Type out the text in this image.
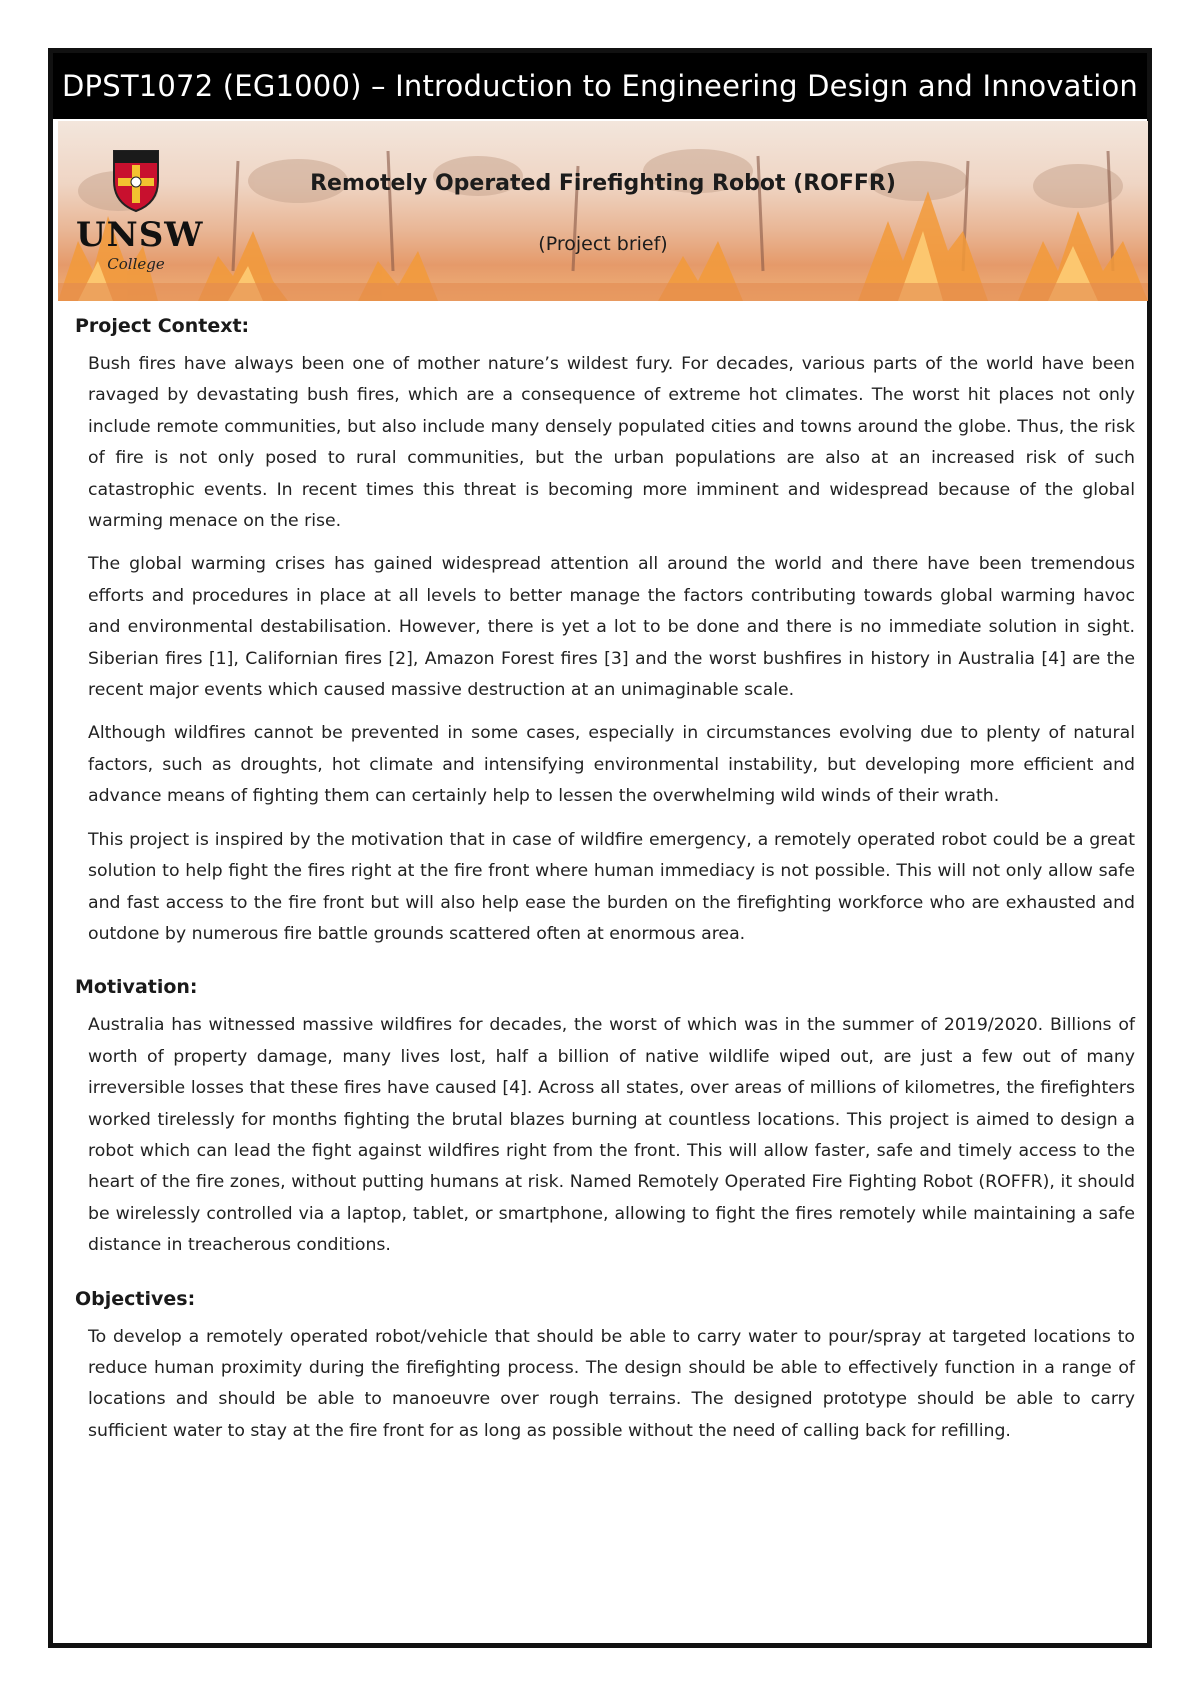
DPST1072 (EG1000) – Introduction to Engineering Design and Innovation
UNSW
College
Remotely Operated Firefighting Robot (ROFFR)
(Project brief)
Project Context:

Bush fires have always been one of mother nature’s wildest fury. For decades, various parts of the world have been ravaged by devastating bush fires, which are a consequence of extreme hot climates. The worst hit places not only include remote communities, but also include many densely populated cities and towns around the globe. Thus, the risk of fire is not only posed to rural communities, but the urban populations are also at an increased risk of such catastrophic events. In recent times this threat is becoming more imminent and widespread because of the global warming menace on the rise.

The global warming crises has gained widespread attention all around the world and there have been tremendous efforts and procedures in place at all levels to better manage the factors contributing towards global warming havoc and environmental destabilisation. However, there is yet a lot to be done and there is no immediate solution in sight. Siberian fires [1], Californian fires [2], Amazon Forest fires [3] and the worst bushfires in history in Australia [4] are the recent major events which caused massive destruction at an unimaginable scale.

Although wildfires cannot be prevented in some cases, especially in circumstances evolving due to plenty of natural factors, such as droughts, hot climate and intensifying environmental instability, but developing more efficient and advance means of fighting them can certainly help to lessen the overwhelming wild winds of their wrath.

This project is inspired by the motivation that in case of wildfire emergency, a remotely operated robot could be a great solution to help fight the fires right at the fire front where human immediacy is not possible. This will not only allow safe and fast access to the fire front but will also help ease the burden on the firefighting workforce who are exhausted and outdone by numerous fire battle grounds scattered often at enormous area.

Motivation:

Australia has witnessed massive wildfires for decades, the worst of which was in the summer of 2019/2020. Billions of worth of property damage, many lives lost, half a billion of native wildlife wiped out, are just a few out of many irreversible losses that these fires have caused [4]. Across all states, over areas of millions of kilometres, the firefighters worked tirelessly for months fighting the brutal blazes burning at countless locations. This project is aimed to design a robot which can lead the fight against wildfires right from the front. This will allow faster, safe and timely access to the heart of the fire zones, without putting humans at risk. Named Remotely Operated Fire Fighting Robot (ROFFR), it should be wirelessly controlled via a laptop, tablet, or smartphone, allowing to fight the fires remotely while maintaining a safe distance in treacherous conditions.

Objectives:

To develop a remotely operated robot/vehicle that should be able to carry water to pour/spray at targeted locations to reduce human proximity during the firefighting process. The design should be able to effectively function in a range of locations and should be able to manoeuvre over rough terrains. The designed prototype should be able to carry sufficient water to stay at the fire front for as long as possible without the need of calling back for refilling.
